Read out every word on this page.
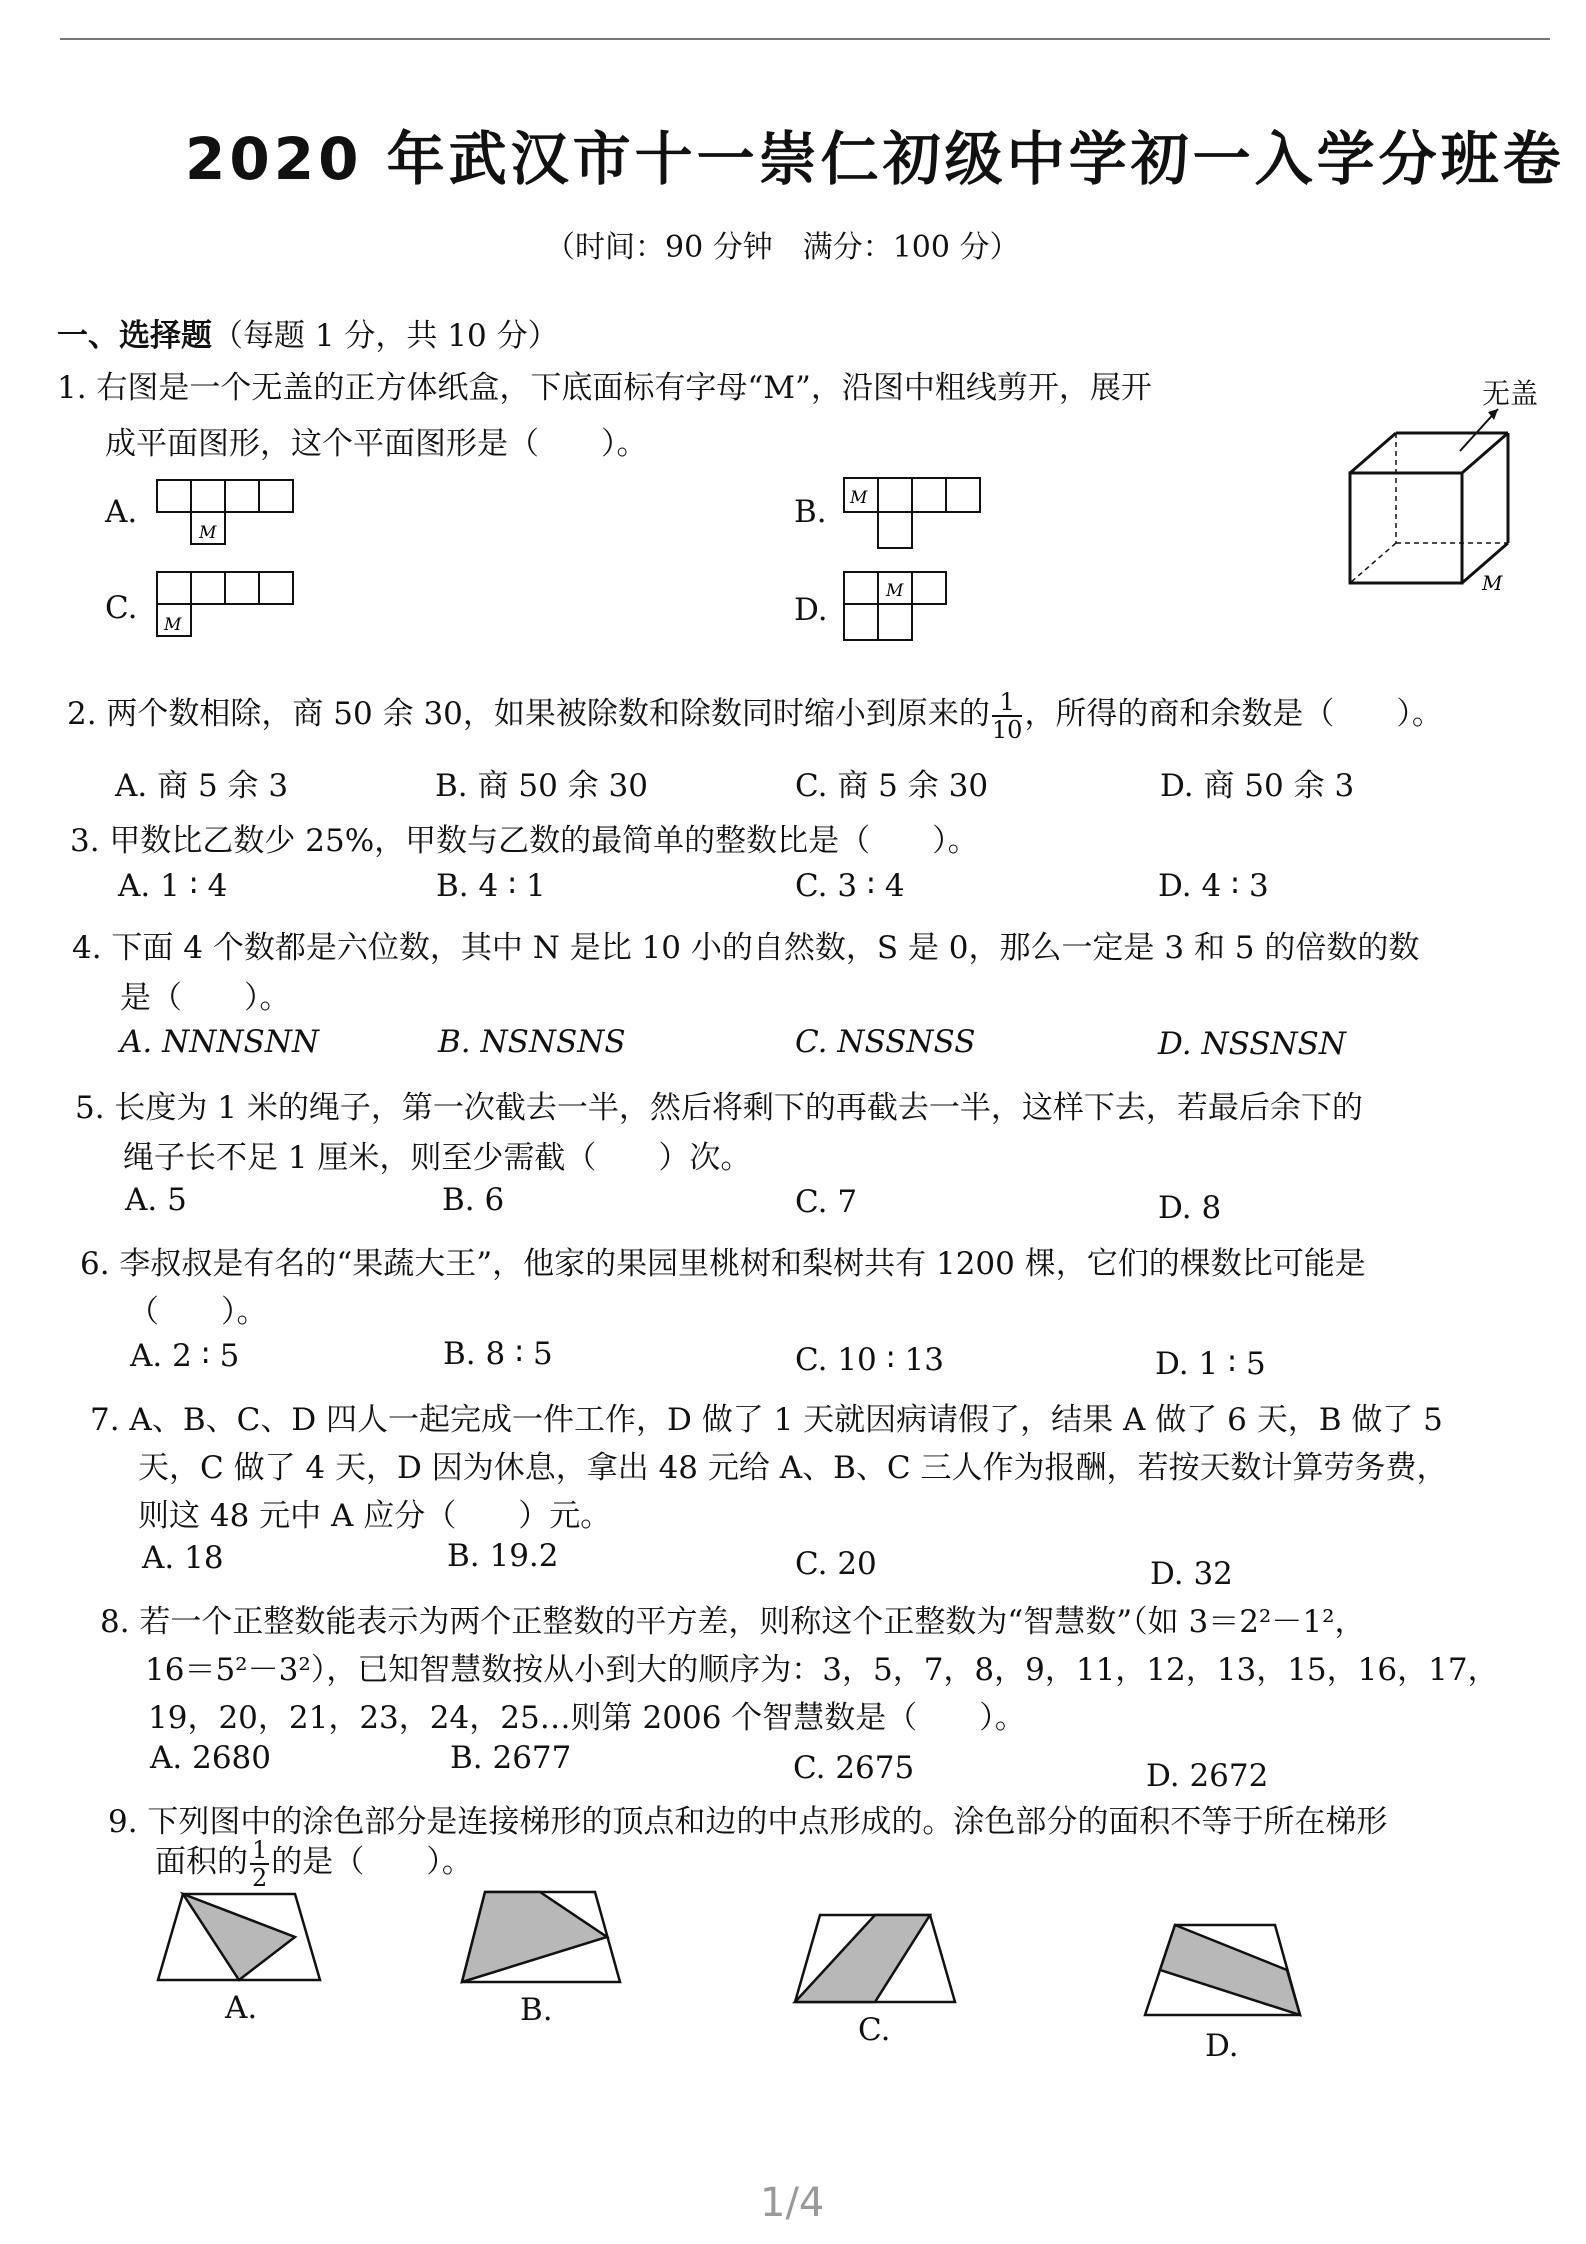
2020 年武汉市十一崇仁初级中学初一入学分班卷
（时间：90 分钟　满分：100 分）
一、选择题（每题 1 分，共 10 分）
1. 右图是一个无盖的正方体纸盒，下底面标有字母“M”，沿图中粗线剪开，展开
成平面图形，这个平面图形是（　　）。
M
无盖
A.
M
B. M
C. M	D.
M
2. 两个数相除，商 50 余 30，如果被除数和除数同时缩小到原来的 $\frac{1}{10}$ ，所得的商和余数是（　　）。
A. 商 5 余 3	B. 商 50 余 30	C. 商 5 余 30	D. 商 50 余 3
3. 甲数比乙数少 25%，甲数与乙数的最简单的整数比是（　　）。
A. 1 ∶ 4	B. 4 ∶ 1	C. 3 ∶ 4	D. 4 ∶ 3
4. 下面 4 个数都是六位数，其中 N 是比 10 小的自然数，S 是 0，那么一定是 3 和 5 的倍数的数
是（　　）。
A. NNNSNN	B. NSNSNS	C. NSSNSS	D. NSSNSN
5. 长度为 1 米的绳子，第一次截去一半，然后将剩下的再截去一半，这样下去，若最后余下的
绳子长不足 1 厘米，则至少需截（　　）次。
A. 5	B. 6	C. 7	D. 8
6. 李叔叔是有名的“果蔬大王”，他家的果园里桃树和梨树共有 1200 棵，它们的棵数比可能是
（　　）。
A. 2 ∶ 5	B. 8 ∶ 5	C. 10 ∶ 13	D. 1 ∶ 5
7. A、B、C、D 四人一起完成一件工作，D 做了 1 天就因病请假了，结果 A 做了 6 天，B 做了 5
天，C 做了 4 天，D 因为休息，拿出 48 元给 A、B、C 三人作为报酬，若按天数计算劳务费，
则这 48 元中 A 应分（　　）元。
A. 18	B. 19.2	C. 20	D. 32
8. 若一个正整数能表示为两个正整数的平方差，则称这个正整数为“智慧数”（如 3＝2²－1²，
16＝5²－3²），已知智慧数按从小到大的顺序为：3，5，7，8，9，11，12，13，15，16，17，
19，20，21，23，24，25…则第 2006 个智慧数是（　　）。
A. 2680	B. 2677	C. 2675	D. 2672
9. 下列图中的涂色部分是连接梯形的顶点和边的中点形成的。涂色部分的面积不等于所在梯形
面积的 $\frac{1}{2}$ 的是（　　）。
A.	B.
C.	D.
1/4
